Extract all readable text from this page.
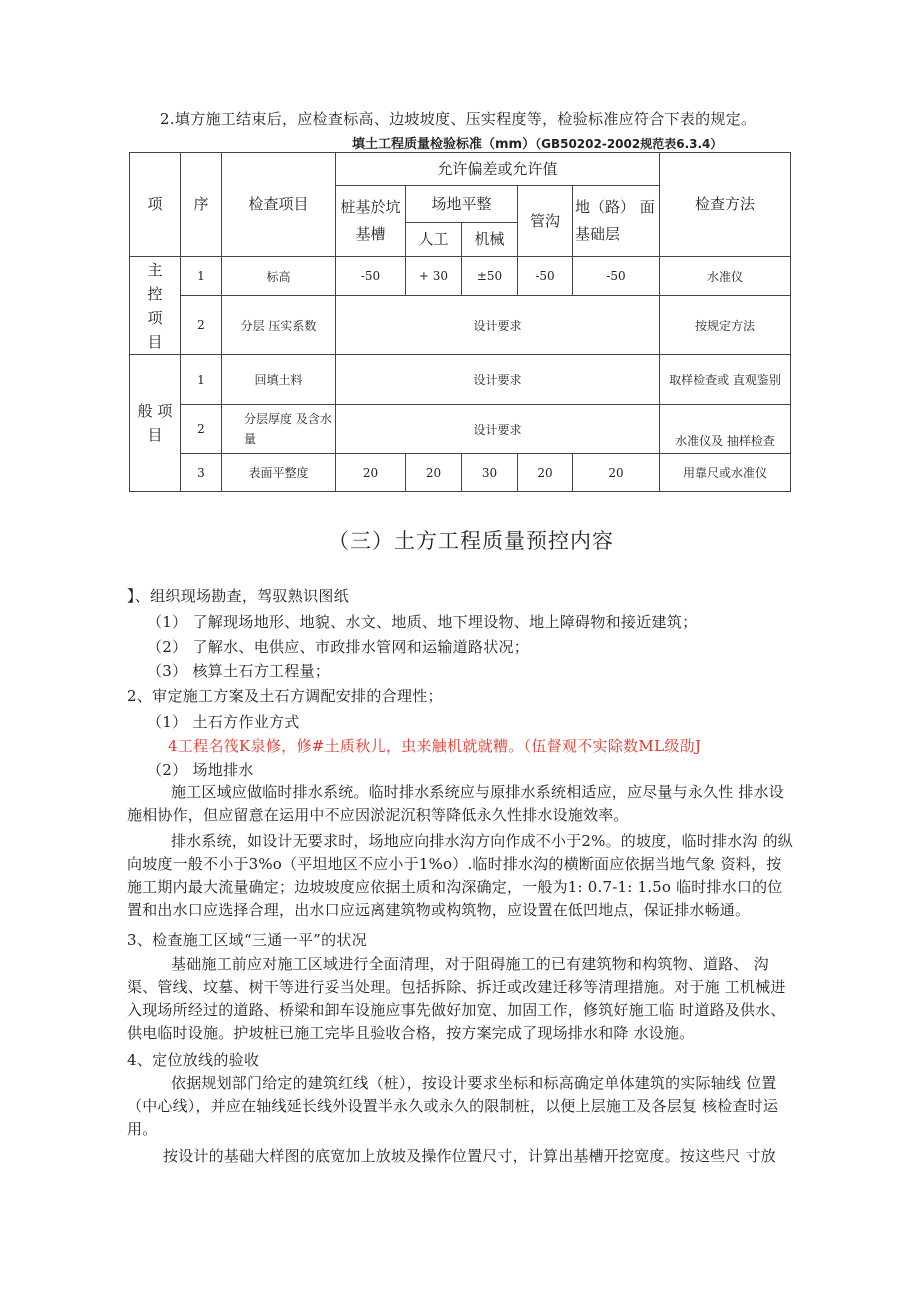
2.填方施工结束后，应检查标高、边坡坡度、压实程度等，检验标准应符合下表的规定。
填土工程质量检验标准（mm）（GB50202-2002规范表6.3.4）
项	序	检查项目	允许偏差或允许值					检查方法
			桩基於坑基槽	场地平整		管沟	地（路） 面基础层	
				人工	机械			

主控项目	1	标高	-50	+ 30	±50	-50	-50	水准仪
	2	分层 压实系数	设计要求					按规定方法

般 项 目	1	回填土料	设计要求					取样检查或 直观鉴别
	2	分层厚度 及含水量	设计要求					水准仪及 抽样检查
	3	表面平整度	20	20	30	20	20	用靠尺或水准仪
（三）土方工程质量预控内容
】、组织现场勘查，驾驭熟识图纸
（1） 了解现场地形、地貌、水文、地质、地下埋设物、地上障碍物和接近建筑；
（2） 了解水、电供应、市政排水管网和运输道路状况；
（3） 核算土石方工程量；
2、审定施工方案及土石方调配安排的合理性；
（1） 土石方作业方式
4工程名筏K泉修，修#土质秋儿，虫来触机就就糟。（伍督观不实除数ML级劭J
（2） 场地排水
施工区域应做临时排水系统。临时排水系统应与原排水系统相适应，应尽量与永久性 排水设施相协作，但应留意在运用中不应因淤泥沉积等降低永久性排水设施效率。
排水系统，如设计无要求时，场地应向排水沟方向作成不小于2%。的坡度，临时排水沟 的纵向坡度一般不小于3%o（平坦地区不应小于1%o）.临时排水沟的横断面应依据当地气象 资料，按施工期内最大流量确定；边坡坡度应依据土质和沟深确定，一般为1: 0.7-1: 1.5o 临时排水口的位置和出水口应选择合理，出水口应远离建筑物或构筑物，应设置在低凹地点，保证排水畅通。
3、检查施工区域“三通一平”的状况
基础施工前应对施工区域进行全面清理，对于阻碍施工的已有建筑物和构筑物、道路、 沟渠、管线、坟墓、树干等进行妥当处理。包括拆除、拆迁或改建迁移等清理措施。对于施 工机械进入现场所经过的道路、桥梁和卸车设施应事先做好加宽、加固工作，修筑好施工临 时道路及供水、供电临时设施。护坡桩已施工完毕且验收合格，按方案完成了现场排水和降 水设施。
4、定位放线的验收
依据规划部门给定的建筑红线（桩），按设计要求坐标和标高确定单体建筑的实际轴线 位置（中心线），并应在轴线延长线外设置半永久或永久的限制桩，以便上层施工及各层复 核检查时运用。
按设计的基础大样图的底宽加上放坡及操作位置尺寸，计算出基槽开挖宽度。按这些尺 寸放
